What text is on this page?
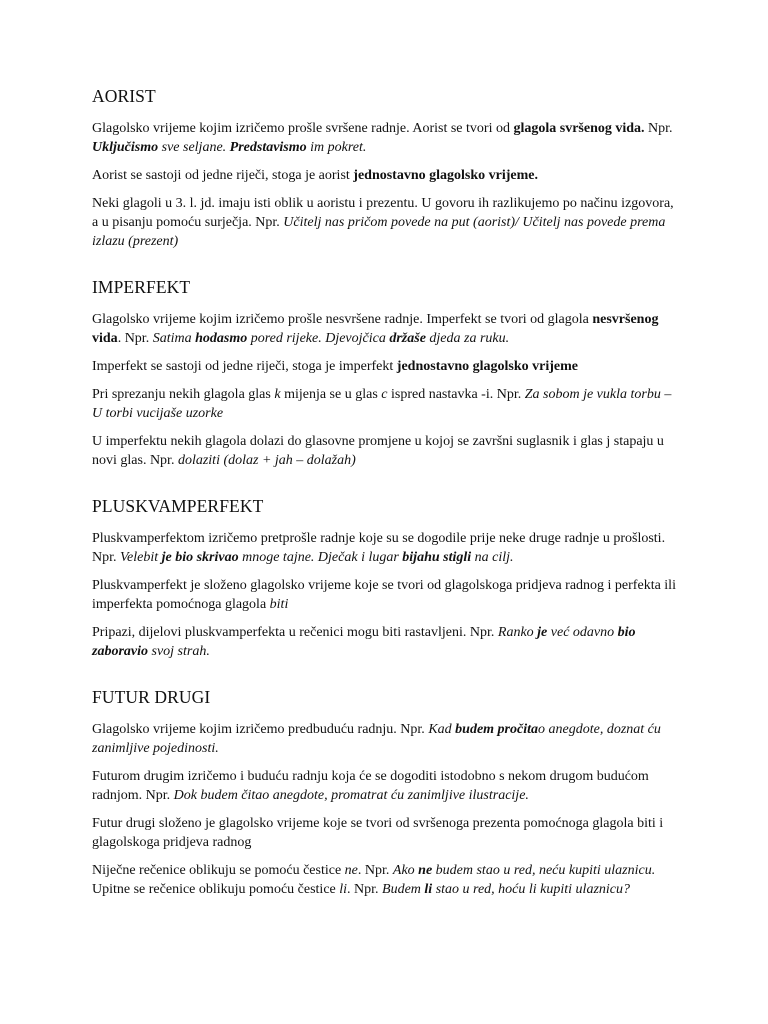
AORIST

Glagolsko vrijeme kojim izričemo prošle svršene radnje. Aorist se tvori od glagola svršenog vida. Npr. Uključismo sve seljane. Predstavismo im pokret.

Aorist se sastoji od jedne riječi, stoga je aorist jednostavno glagolsko vrijeme.

Neki glagoli u 3. l. jd. imaju isti oblik u aoristu i prezentu. U govoru ih razlikujemo po načinu izgovora, a u pisanju pomoću surječja. Npr. Učitelj nas pričom povede na put (aorist)/ Učitelj nas povede prema izlazu (prezent)

IMPERFEKT

Glagolsko vrijeme kojim izričemo prošle nesvršene radnje. Imperfekt se tvori od glagola nesvršenog vida. Npr. Satima hodasmo pored rijeke. Djevojčica držaše djeda za ruku.

Imperfekt se sastoji od jedne riječi, stoga je imperfekt jednostavno glagolsko vrijeme

Pri sprezanju nekih glagola glas k mijenja se u glas c ispred nastavka -i. Npr. Za sobom je vukla torbu – U torbi vucijaše uzorke

U imperfektu nekih glagola dolazi do glasovne promjene u kojoj se završni suglasnik i glas j stapaju u novi glas. Npr. dolaziti (dolaz + jah – dolažah)

PLUSKVAMPERFEKT

Pluskvamperfektom izričemo pretprošle radnje koje su se dogodile prije neke druge radnje u prošlosti. Npr. Velebit je bio skrivao mnoge tajne. Dječak i lugar bijahu stigli na cilj.

Pluskvamperfekt je složeno glagolsko vrijeme koje se tvori od glagolskoga pridjeva radnog i perfekta ili imperfekta pomoćnoga glagola biti

Pripazi, dijelovi pluskvamperfekta u rečenici mogu biti rastavljeni. Npr. Ranko je već odavno bio zaboravio svoj strah.

FUTUR DRUGI

Glagolsko vrijeme kojim izričemo predbuduću radnju. Npr. Kad budem pročitao anegdote, doznat ću zanimljive pojedinosti.

Futurom drugim izričemo i buduću radnju koja će se dogoditi istodobno s nekom drugom budućom radnjom. Npr. Dok budem čitao anegdote, promatrat ću zanimljive ilustracije.

Futur drugi složeno je glagolsko vrijeme koje se tvori od svršenoga prezenta pomoćnoga glagola biti i glagolskoga pridjeva radnog

Niječne rečenice oblikuju se pomoću čestice ne. Npr. Ako ne budem stao u red, neću kupiti ulaznicu. Upitne se rečenice oblikuju pomoću čestice li. Npr. Budem li stao u red, hoću li kupiti ulaznicu?
